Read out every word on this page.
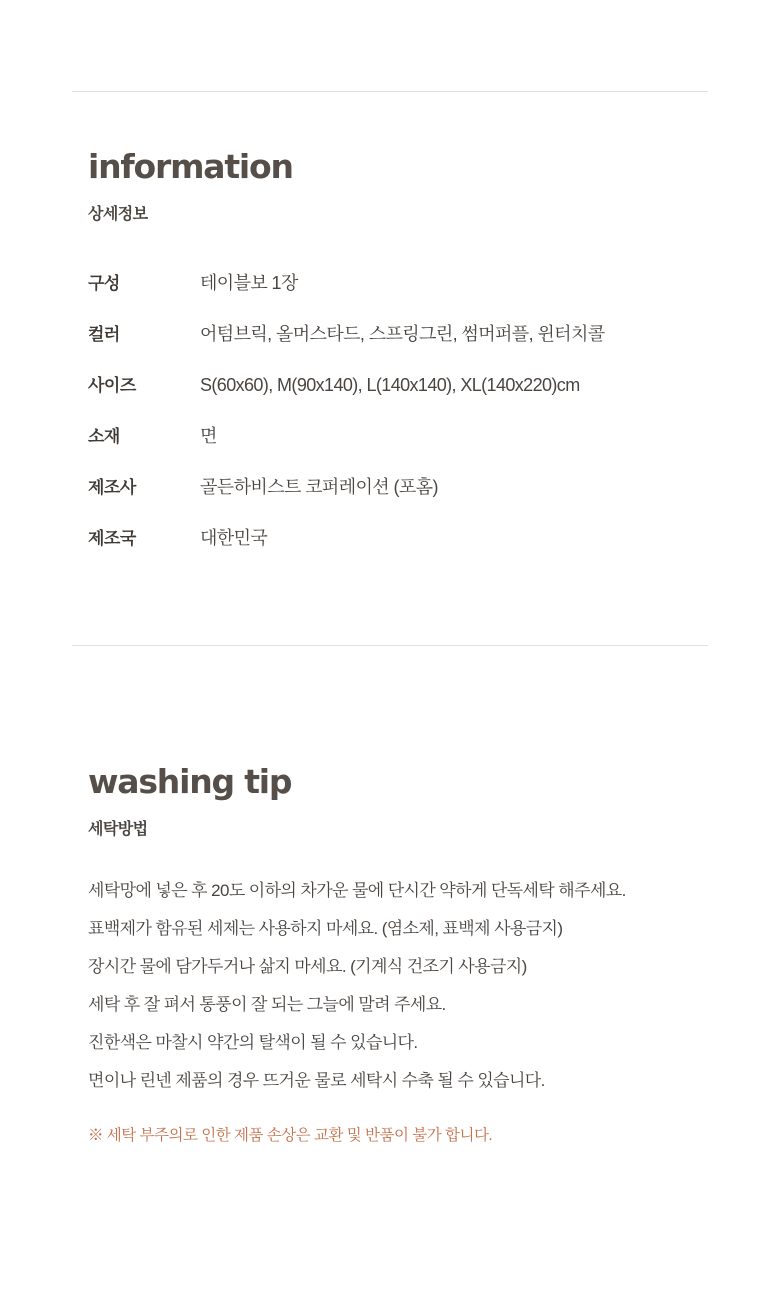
information
상세정보
구성	테이블보 1장
컬러	어텀브릭, 올머스타드, 스프링그린, 썸머퍼플, 윈터치콜
사이즈	S(60x60), M(90x140), L(140x140), XL(140x220)cm
소재	면
제조사	골든하비스트 코퍼레이션 (포홈)
제조국	대한민국
washing tip
세탁방법
세탁망에 넣은 후 20도 이하의 차가운 물에 단시간 약하게 단독세탁 해주세요.
표백제가 함유된 세제는 사용하지 마세요. (염소제, 표백제 사용금지)
장시간 물에 담가두거나 삶지 마세요. (기계식 건조기 사용금지)
세탁 후 잘 펴서 통풍이 잘 되는 그늘에 말려 주세요.
진한색은 마찰시 약간의 탈색이 될 수 있습니다.
면이나 린넨 제품의 경우 뜨거운 물로 세탁시 수축 될 수 있습니다.
※ 세탁 부주의로 인한 제품 손상은 교환 및 반품이 불가 합니다.
